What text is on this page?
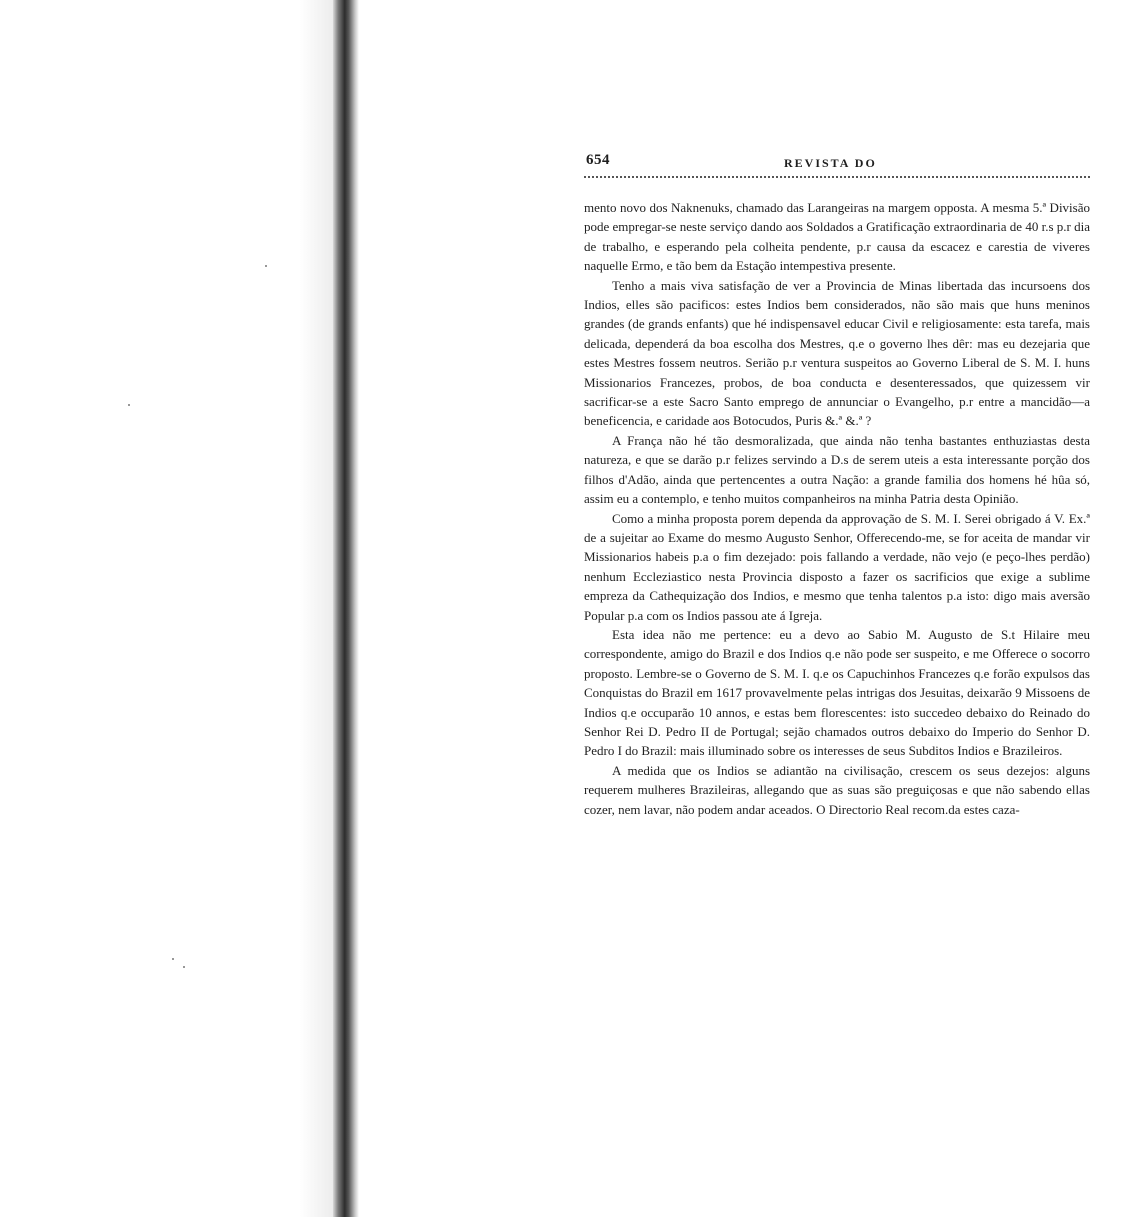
654	REVISTA DO

mento novo dos Naknenuks, chamado das Larangeiras na margem opposta. A mesma 5.ª Divisão pode empregar-se neste serviço dando aos Soldados a Gratificação extraordinaria de 40 r.s p.r dia de trabalho, e esperando pela colheita pendente, p.r causa da escacez e carestia de viveres naquelle Ermo, e tão bem da Estação intempestiva presente.

Tenho a mais viva satisfação de ver a Provincia de Minas libertada das incursoens dos Indios, elles são pacificos: estes Indios bem considerados, não são mais que huns meninos grandes (de grands enfants) que hé indispensavel educar Civil e religiosamente: esta tarefa, mais delicada, dependerá da boa escolha dos Mestres, q.e o governo lhes dêr: mas eu dezejaria que estes Mestres fossem neutros. Serião p.r ventura suspeitos ao Governo Liberal de S. M. I. huns Missionarios Francezes, probos, de boa conducta e desenteressados, que quizessem vir sacrificar-se a este Sacro Santo emprego de annunciar o Evangelho, p.r entre a mancidão—a beneficencia, e caridade aos Botocudos, Puris &.ª &.ª ?

A França não hé tão desmoralizada, que ainda não tenha bastantes enthuziastas desta natureza, e que se darão p.r felizes servindo a D.s de serem uteis a esta interessante porção dos filhos d'Adão, ainda que pertencentes a outra Nação: a grande familia dos homens hé hûa só, assim eu a contemplo, e tenho muitos companheiros na minha Patria desta Opinião.

Como a minha proposta porem dependa da approvação de S. M. I. Serei obrigado á V. Ex.ª de a sujeitar ao Exame do mesmo Augusto Senhor, Offerecendo-me, se for aceita de mandar vir Missionarios habeis p.a o fim dezejado: pois fallando a verdade, não vejo (e peço-lhes perdão) nenhum Eccleziastico nesta Provincia disposto a fazer os sacrificios que exige a sublime empreza da Cathequização dos Indios, e mesmo que tenha talentos p.a isto: digo mais aversão Popular p.a com os Indios passou ate á Igreja.

Esta idea não me pertence: eu a devo ao Sabio M. Augusto de S.t Hilaire meu correspondente, amigo do Brazil e dos Indios q.e não pode ser suspeito, e me Offerece o socorro proposto. Lembre-se o Governo de S. M. I. q.e os Capuchinhos Francezes q.e forão expulsos das Conquistas do Brazil em 1617 provavelmente pelas intrigas dos Jesuitas, deixarão 9 Missoens de Indios q.e occuparão 10 annos, e estas bem florescentes: isto succedeo debaixo do Reinado do Senhor Rei D. Pedro II de Portugal; sejão chamados outros debaixo do Imperio do Senhor D. Pedro I do Brazil: mais illuminado sobre os interesses de seus Subditos Indios e Brazileiros.

A medida que os Indios se adiantão na civilisação, crescem os seus dezejos: alguns requerem mulheres Brazileiras, allegando que as suas são preguiçosas e que não sabendo ellas cozer, nem lavar, não podem andar aceados. O Directorio Real recom.da estes caza-
